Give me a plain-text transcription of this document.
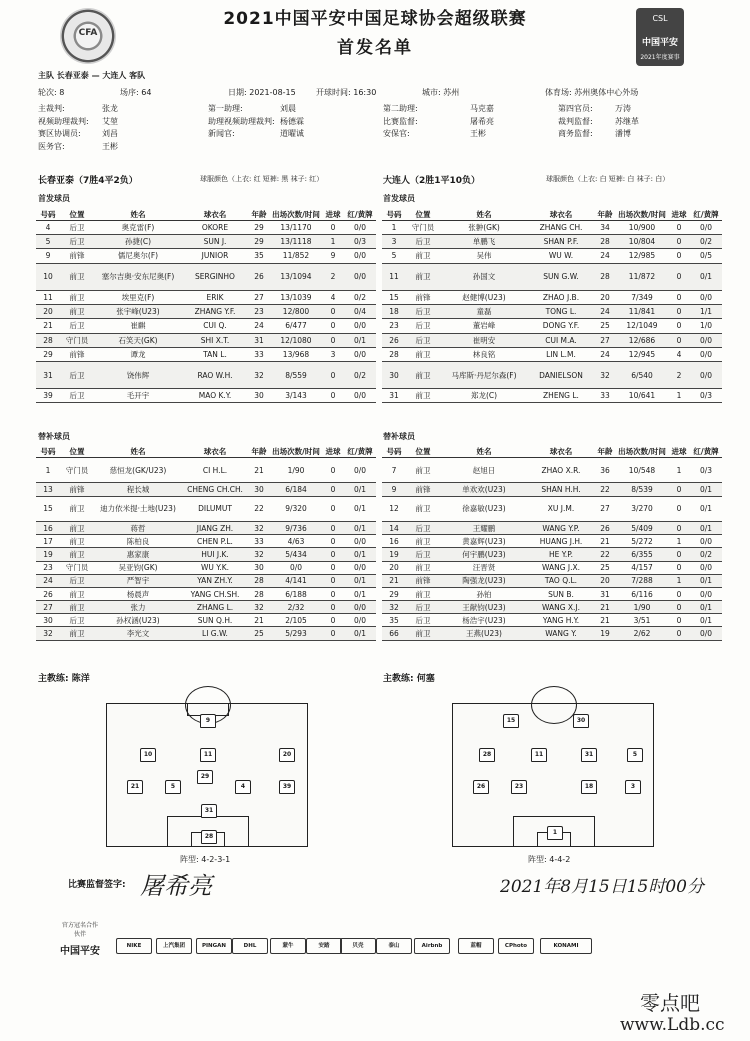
CFA
2021中国平安中国足球协会超级联赛
首发名单
CSL
中国平安
2021年度赛事
主队 长春亚泰 — 大连人 客队
轮次: 8	场序: 64	日期: 2021-08-15	开球时间: 16:30	城市: 苏州	体育场: 苏州奥体中心外场
主裁判:	张龙	第一助理:	刘晨	第二助理:	马克嘉	第四官员:	万涛
视频助理裁判: 艾堃	助理视频助理裁判: 杨德霖	比赛监督:	屠希亮	裁判监督:	苏继革
赛区协调员:	刘昌	新闻官:	道曜诚	安保官:	王彬	商务监督:	潘博
医务官:	王彬
长春亚泰（7胜4平2负）	球服颜色（上衣: 红 短裤: 黑 袜子: 红）	大连人（2胜1平10负）	球服颜色（上衣: 白 短裤: 白 袜子: 白）
首发球员	首发球员
号码	位置	姓名	球衣名	年龄	出场次数/时间	进球	红/黄牌
4	后卫	奥克雷(F)	OKORE	29	13/1170	0	0/0
5	后卫	孙捷(C)	SUN J.	29	13/1118	1	0/3
9	前锋	儒尼奥尔(F)	JUNIOR	35	11/852	9	0/0
10	前卫	塞尔吉奥·安东尼奥(F)	SERGINHO	26	13/1094	2	0/0
11	前卫	埃里克(F)	ERIK	27	13/1039	4	0/2
20	前卫	张宇峰(U23)	ZHANG Y.F.	23	12/800	0	0/4
21	后卫	崔麒	CUI Q.	24	6/477	0	0/0
28	守门员	石笑天(GK)	SHI X.T.	31	12/1080	0	0/1
29	前锋	谭龙	TAN L.	33	13/968	3	0/0
31	后卫	饶伟辉	RAO W.H.	32	8/559	0	0/2
39	后卫	毛开宇	MAO K.Y.	30	3/143	0	0/0
号码	位置	姓名	球衣名	年龄	出场次数/时间	进球	红/黄牌
1	守门员	张翀(GK)	ZHANG CH.	34	10/900	0	0/0
3	后卫	单鹏飞	SHAN P.F.	28	10/804	0	0/2
5	前卫	吴伟	WU W.	24	12/985	0	0/5
11	前卫	孙国文	SUN G.W.	28	11/872	0	0/1
15	前锋	赵健博(U23)	ZHAO J.B.	20	7/349	0	0/0
18	后卫	童磊	TONG L.	24	11/841	0	1/1
23	后卫	董岩峰	DONG Y.F.	25	12/1049	0	1/0
26	后卫	崔明安	CUI M.A.	27	12/686	0	0/0
28	前卫	林良铭	LIN L.M.	24	12/945	4	0/0
30	前卫	马库斯·丹尼尔森(F)	DANIELSON	32	6/540	2	0/0
31	前卫	郑龙(C)	ZHENG L.	33	10/641	1	0/3
替补球员	替补球员
号码	位置	姓名	球衣名	年龄	出场次数/时间	进球	红/黄牌
1	守门员	慈恒龙(GK/U23)	CI H.L.	21	1/90	0	0/0
13	前锋	程长城	CHENG CH.CH.	30	6/184	0	0/1
15	前卫	迪力依米提·土地(U23)	DILUMUT	22	9/320	0	0/1
16	前卫	蒋哲	JIANG ZH.	32	9/736	0	0/1
17	前卫	陈柏良	CHEN P.L.	33	4/63	0	0/0
19	前卫	惠家康	HUI J.K.	32	5/434	0	0/1
23	守门员	吴亚钧(GK)	WU Y.K.	30	0/0	0	0/0
24	后卫	严智宇	YAN ZH.Y.	28	4/141	0	0/1
26	前卫	杨晨声	YANG CH.SH.	28	6/188	0	0/1
27	前卫	张力	ZHANG L.	32	2/32	0	0/0
30	后卫	孙权涵(U23)	SUN Q.H.	21	2/105	0	0/0
32	前卫	李光文	LI G.W.	25	5/293	0	0/1
号码	位置	姓名	球衣名	年龄	出场次数/时间	进球	红/黄牌
7	前卫	赵旭日	ZHAO X.R.	36	10/548	1	0/3
9	前锋	单欢欢(U23)	SHAN H.H.	22	8/539	0	0/1
12	前卫	徐嘉敏(U23)	XU J.M.	27	3/270	0	0/1
14	后卫	王耀鹏	WANG Y.P.	26	5/409	0	0/1
16	前卫	黄嘉辉(U23)	HUANG J.H.	21	5/272	1	0/0
19	后卫	何宇鹏(U23)	HE Y.P.	22	6/355	0	0/2
20	前卫	汪晋贤	WANG J.X.	25	4/157	0	0/0
21	前锋	陶强龙(U23)	TAO Q.L.	20	7/288	1	0/1
29	前卫	孙铂	SUN B.	31	6/116	0	0/0
32	后卫	王献钧(U23)	WANG X.J.	21	1/90	0	0/1
35	后卫	杨浩宇(U23)	YANG H.Y.	21	3/51	0	0/1
66	前卫	王燕(U23)	WANG Y.	19	2/62	0	0/0
主教练: 陈洋	主教练: 何塞
9
10	11	20
29
28
21	5	4	39
31
阵型: 4-2-3-1
15	30
28	11	31	5
26	23	18	3
1
阵型: 4-4-2
比赛监督签字: 屠希亮	2021年8月15日15时00分
官方冠名合作伙伴
中国平安	NIKE	上汽集团	PINGAN	DHL	蒙牛	安踏	贝壳	泰山	Airbnb	蓝帽	CPhoto	KONAMI
零点吧
www.Ldb.cc
